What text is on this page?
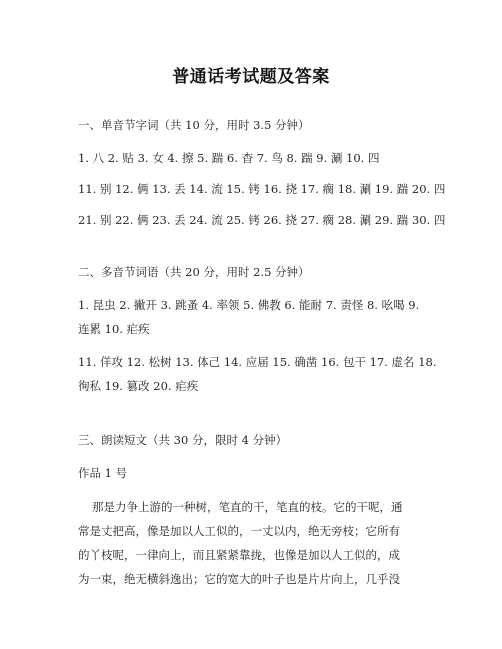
普通话考试题及答案
一、单音节字词（共 10 分，用时 3.5 分钟）
1. 八 2. 贴 3. 女 4. 擦 5. 踹 6. 杳 7. 鸟 8. 踹 9. 涮 10. 四
11. 别 12. 俩 13. 丢 14. 流 15. 铐 16. 挠 17. 瘸 18. 涮 19. 踹 20. 四
21. 别 22. 俩 23. 丢 24. 流 25. 铐 26. 挠 27. 瘸 28. 涮 29. 踹 30. 四
二、多音节词语（共 20 分，用时 2.5 分钟）
1. 昆虫 2. 撇开 3. 跳蚤 4. 率领 5. 佛教 6. 能耐 7. 责怪 8. 吆喝 9.
连累 10. 疟疾
11. 佯攻 12. 松树 13. 体己 14. 应届 15. 确凿 16. 包干 17. 虚名 18.
徇私 19. 篡改 20. 疟疾
三、朗读短文（共 30 分，限时 4 分钟）
作品 1 号
那是力争上游的一种树，笔直的干，笔直的枝。它的干呢，通
常是丈把高，像是加以人工似的，一丈以内，绝无旁枝；它所有
的丫枝呢，一律向上，而且紧紧靠拢，也像是加以人工似的，成
为一束，绝无横斜逸出；它的宽大的叶子也是片片向上，几乎没
